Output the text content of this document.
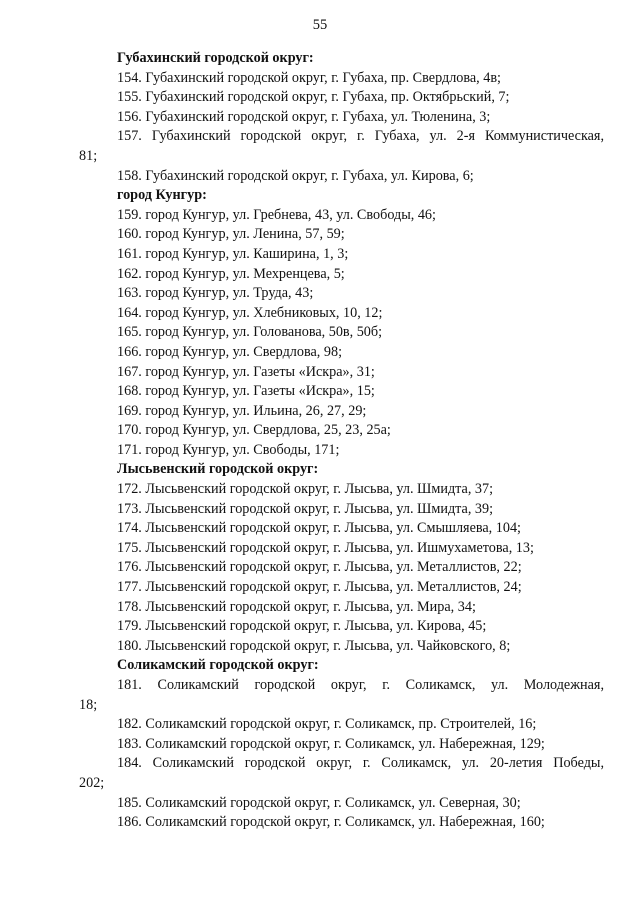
55
Губахинский городской округ:
154. Губахинский городской округ, г. Губаха, пр. Свердлова, 4в;
155. Губахинский городской округ, г. Губаха, пр. Октябрьский, 7;
156. Губахинский городской округ, г. Губаха, ул. Тюленина, 3;
157. Губахинский городской округ, г. Губаха, ул. 2-я Коммунистическая,
81;
158. Губахинский городской округ, г. Губаха, ул. Кирова, 6;
город Кунгур:
159. город Кунгур, ул. Гребнева, 43, ул. Свободы, 46;
160. город Кунгур, ул. Ленина, 57, 59;
161. город Кунгур, ул. Каширина, 1, 3;
162. город Кунгур, ул. Мехренцева, 5;
163. город Кунгур, ул. Труда, 43;
164. город Кунгур, ул. Хлебниковых, 10, 12;
165. город Кунгур, ул. Голованова, 50в, 50б;
166. город Кунгур, ул. Свердлова, 98;
167. город Кунгур, ул. Газеты «Искра», 31;
168. город Кунгур, ул. Газеты «Искра», 15;
169. город Кунгур, ул. Ильина, 26, 27, 29;
170. город Кунгур, ул. Свердлова, 25, 23, 25а;
171. город Кунгур, ул. Свободы, 171;
Лысьвенский городской округ:
172. Лысьвенский городской округ, г. Лысьва, ул. Шмидта, 37;
173. Лысьвенский городской округ, г. Лысьва, ул. Шмидта, 39;
174. Лысьвенский городской округ, г. Лысьва, ул. Смышляева, 104;
175. Лысьвенский городской округ, г. Лысьва, ул. Ишмухаметова, 13;
176. Лысьвенский городской округ, г. Лысьва, ул. Металлистов, 22;
177. Лысьвенский городской округ, г. Лысьва, ул. Металлистов, 24;
178. Лысьвенский городской округ, г. Лысьва, ул. Мира, 34;
179. Лысьвенский городской округ, г. Лысьва, ул. Кирова, 45;
180. Лысьвенский городской округ, г. Лысьва, ул. Чайковского, 8;
Соликамский городской округ:
181. Соликамский городской округ, г. Соликамск, ул. Молодежная,
18;
182. Соликамский городской округ, г. Соликамск, пр. Строителей, 16;
183. Соликамский городской округ, г. Соликамск, ул. Набережная, 129;
184. Соликамский городской округ, г. Соликамск, ул. 20-летия Победы,
202;
185. Соликамский городской округ, г. Соликамск, ул. Северная, 30;
186. Соликамский городской округ, г. Соликамск, ул. Набережная, 160;
